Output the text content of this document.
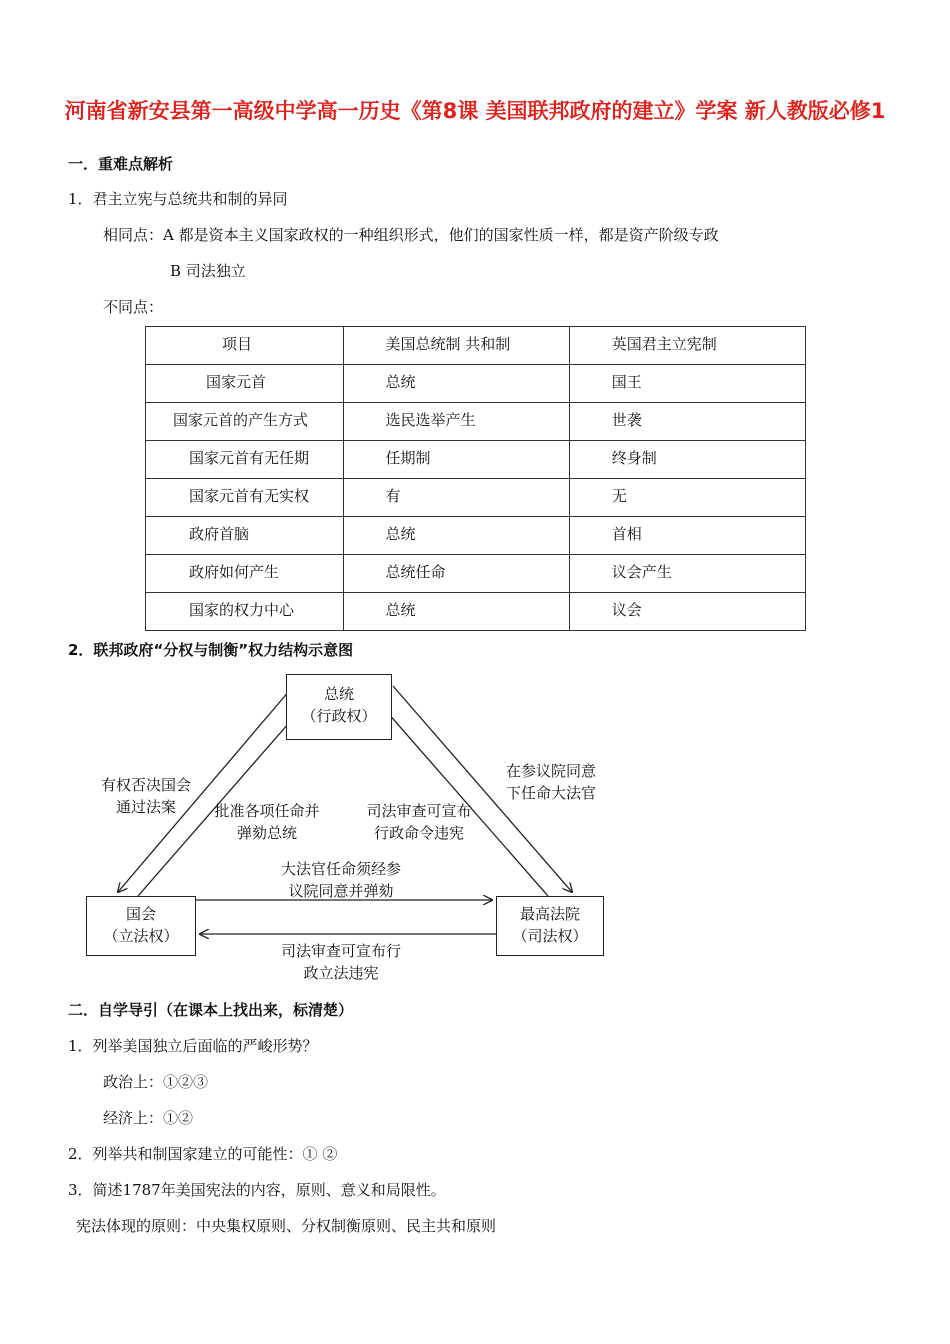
河南省新安县第一高级中学高一历史《第8课 美国联邦政府的建立》学案 新人教版必修1
一．重难点解析
1．君主立宪与总统共和制的异同
相同点：A 都是资本主义国家政权的一种组织形式，他们的国家性质一样，都是资产阶级专政
B 司法独立
不同点：
项目	美国总统制 共和制	英国君主立宪制

国家元首	总统	国王

国家元首的产生方式	选民选举产生	世袭

国家元首有无任期	任期制	终身制

国家元首有无实权	有	无

政府首脑	总统	首相

政府如何产生	总统任命	议会产生

国家的权力中心	总统	议会
2．联邦政府“分权与制衡”权力结构示意图
总统
（行政权）
国会
（立法权）
最高法院
（司法权）
有权否决国会
通过法案	批准各项任命并
弹劾总统
司法审查可宣布
行政命令违宪
在参议院同意
下任命大法官
大法官任命须经参
议院同意并弹劾
司法审查可宣布行
政立法违宪
二．自学导引（在课本上找出来，标清楚）
1．列举美国独立后面临的严峻形势？
政治上：①②③
经济上：①②
2．列举共和制国家建立的可能性：① ②
3．简述1787年美国宪法的内容，原则、意义和局限性。
宪法体现的原则：中央集权原则、分权制衡原则、民主共和原则
